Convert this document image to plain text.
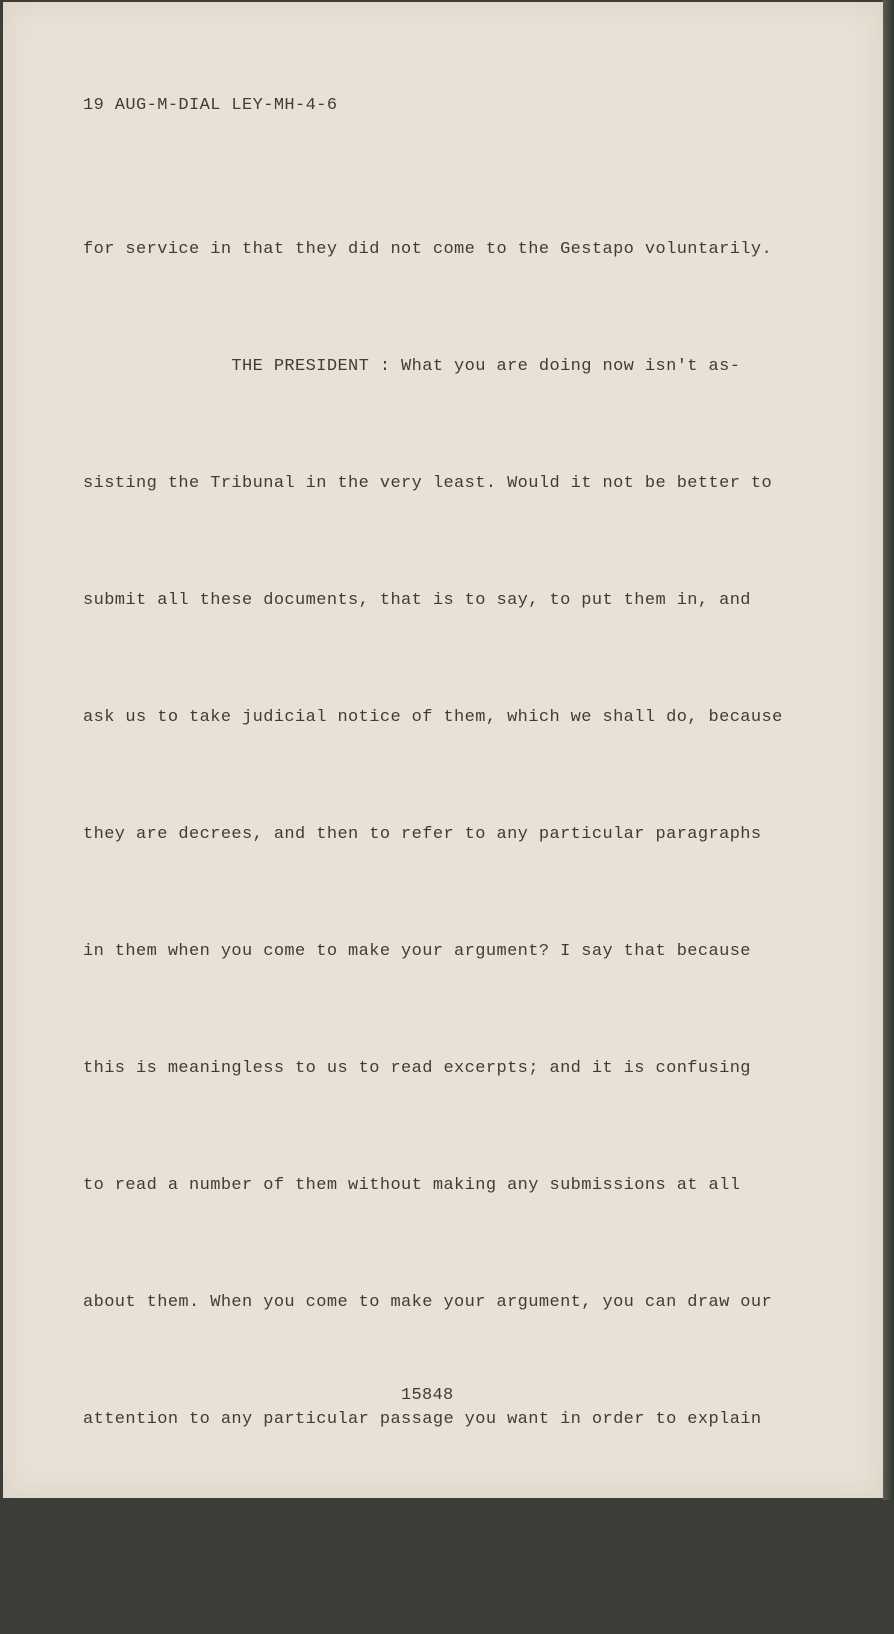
19 AUG-M-DIAL LEY-MH-4-6

for service in that they did not come to the Gestapo voluntarily.

THE PRESIDENT : What you are doing now isn't as-

sisting the Tribunal in the very least. Would it not be better to

submit all these documents, that is to say, to put them in, and

ask us to take judicial notice of them, which we shall do, because

they are decrees, and then to refer to any particular paragraphs

in them when you come to make your argument? I say that because

this is meaningless to us to read excerpts; and it is confusing

to read a number of them without making any submissions at all

about them. When you come to make your argument, you can draw our

attention to any particular passage you want in order to explain

the arguments, but this is not doing you any good at all.

15848
